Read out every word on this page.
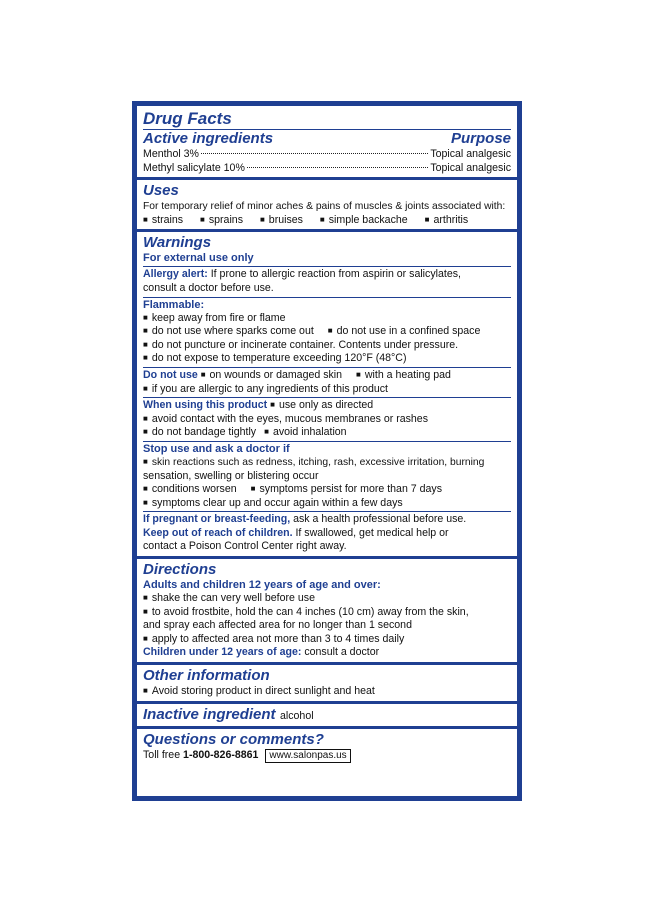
Drug Facts
Active ingredients	Purpose
Menthol 3%	Topical analgesic
Methyl salicylate 10%	Topical analgesic
Uses
For temporary relief of minor aches & pains of muscles & joints associated with:
■ strains ■ sprains ■ bruises ■ simple backache ■ arthritis
Warnings
For external use only
Allergy alert: If prone to allergic reaction from aspirin or salicylates,
consult a doctor before use.
Flammable:
■ keep away from fire or flame
■ do not use where sparks come out ■ do not use in a confined space
■ do not puncture or incinerate container. Contents under pressure.
■ do not expose to temperature exceeding 120°F (48°C)
Do not use ■ on wounds or damaged skin ■ with a heating pad
■ if you are allergic to any ingredients of this product
When using this product ■ use only as directed
■ avoid contact with the eyes, mucous membranes or rashes
■ do not bandage tightly ■ avoid inhalation
Stop use and ask a doctor if
■ skin reactions such as redness, itching, rash, excessive irritation, burning
sensation, swelling or blistering occur
■ conditions worsen ■ symptoms persist for more than 7 days
■ symptoms clear up and occur again within a few days
If pregnant or breast-feeding, ask a health professional before use.
Keep out of reach of children. If swallowed, get medical help or
contact a Poison Control Center right away.
Directions
Adults and children 12 years of age and over:
■ shake the can very well before use
■ to avoid frostbite, hold the can 4 inches (10 cm) away from the skin,
and spray each affected area for no longer than 1 second
■ apply to affected area not more than 3 to 4 times daily
Children under 12 years of age: consult a doctor
Other information
■ Avoid storing product in direct sunlight and heat
Inactive ingredient alcohol
Questions or comments?
Toll free 1-800-826-8861 www.salonpas.us
